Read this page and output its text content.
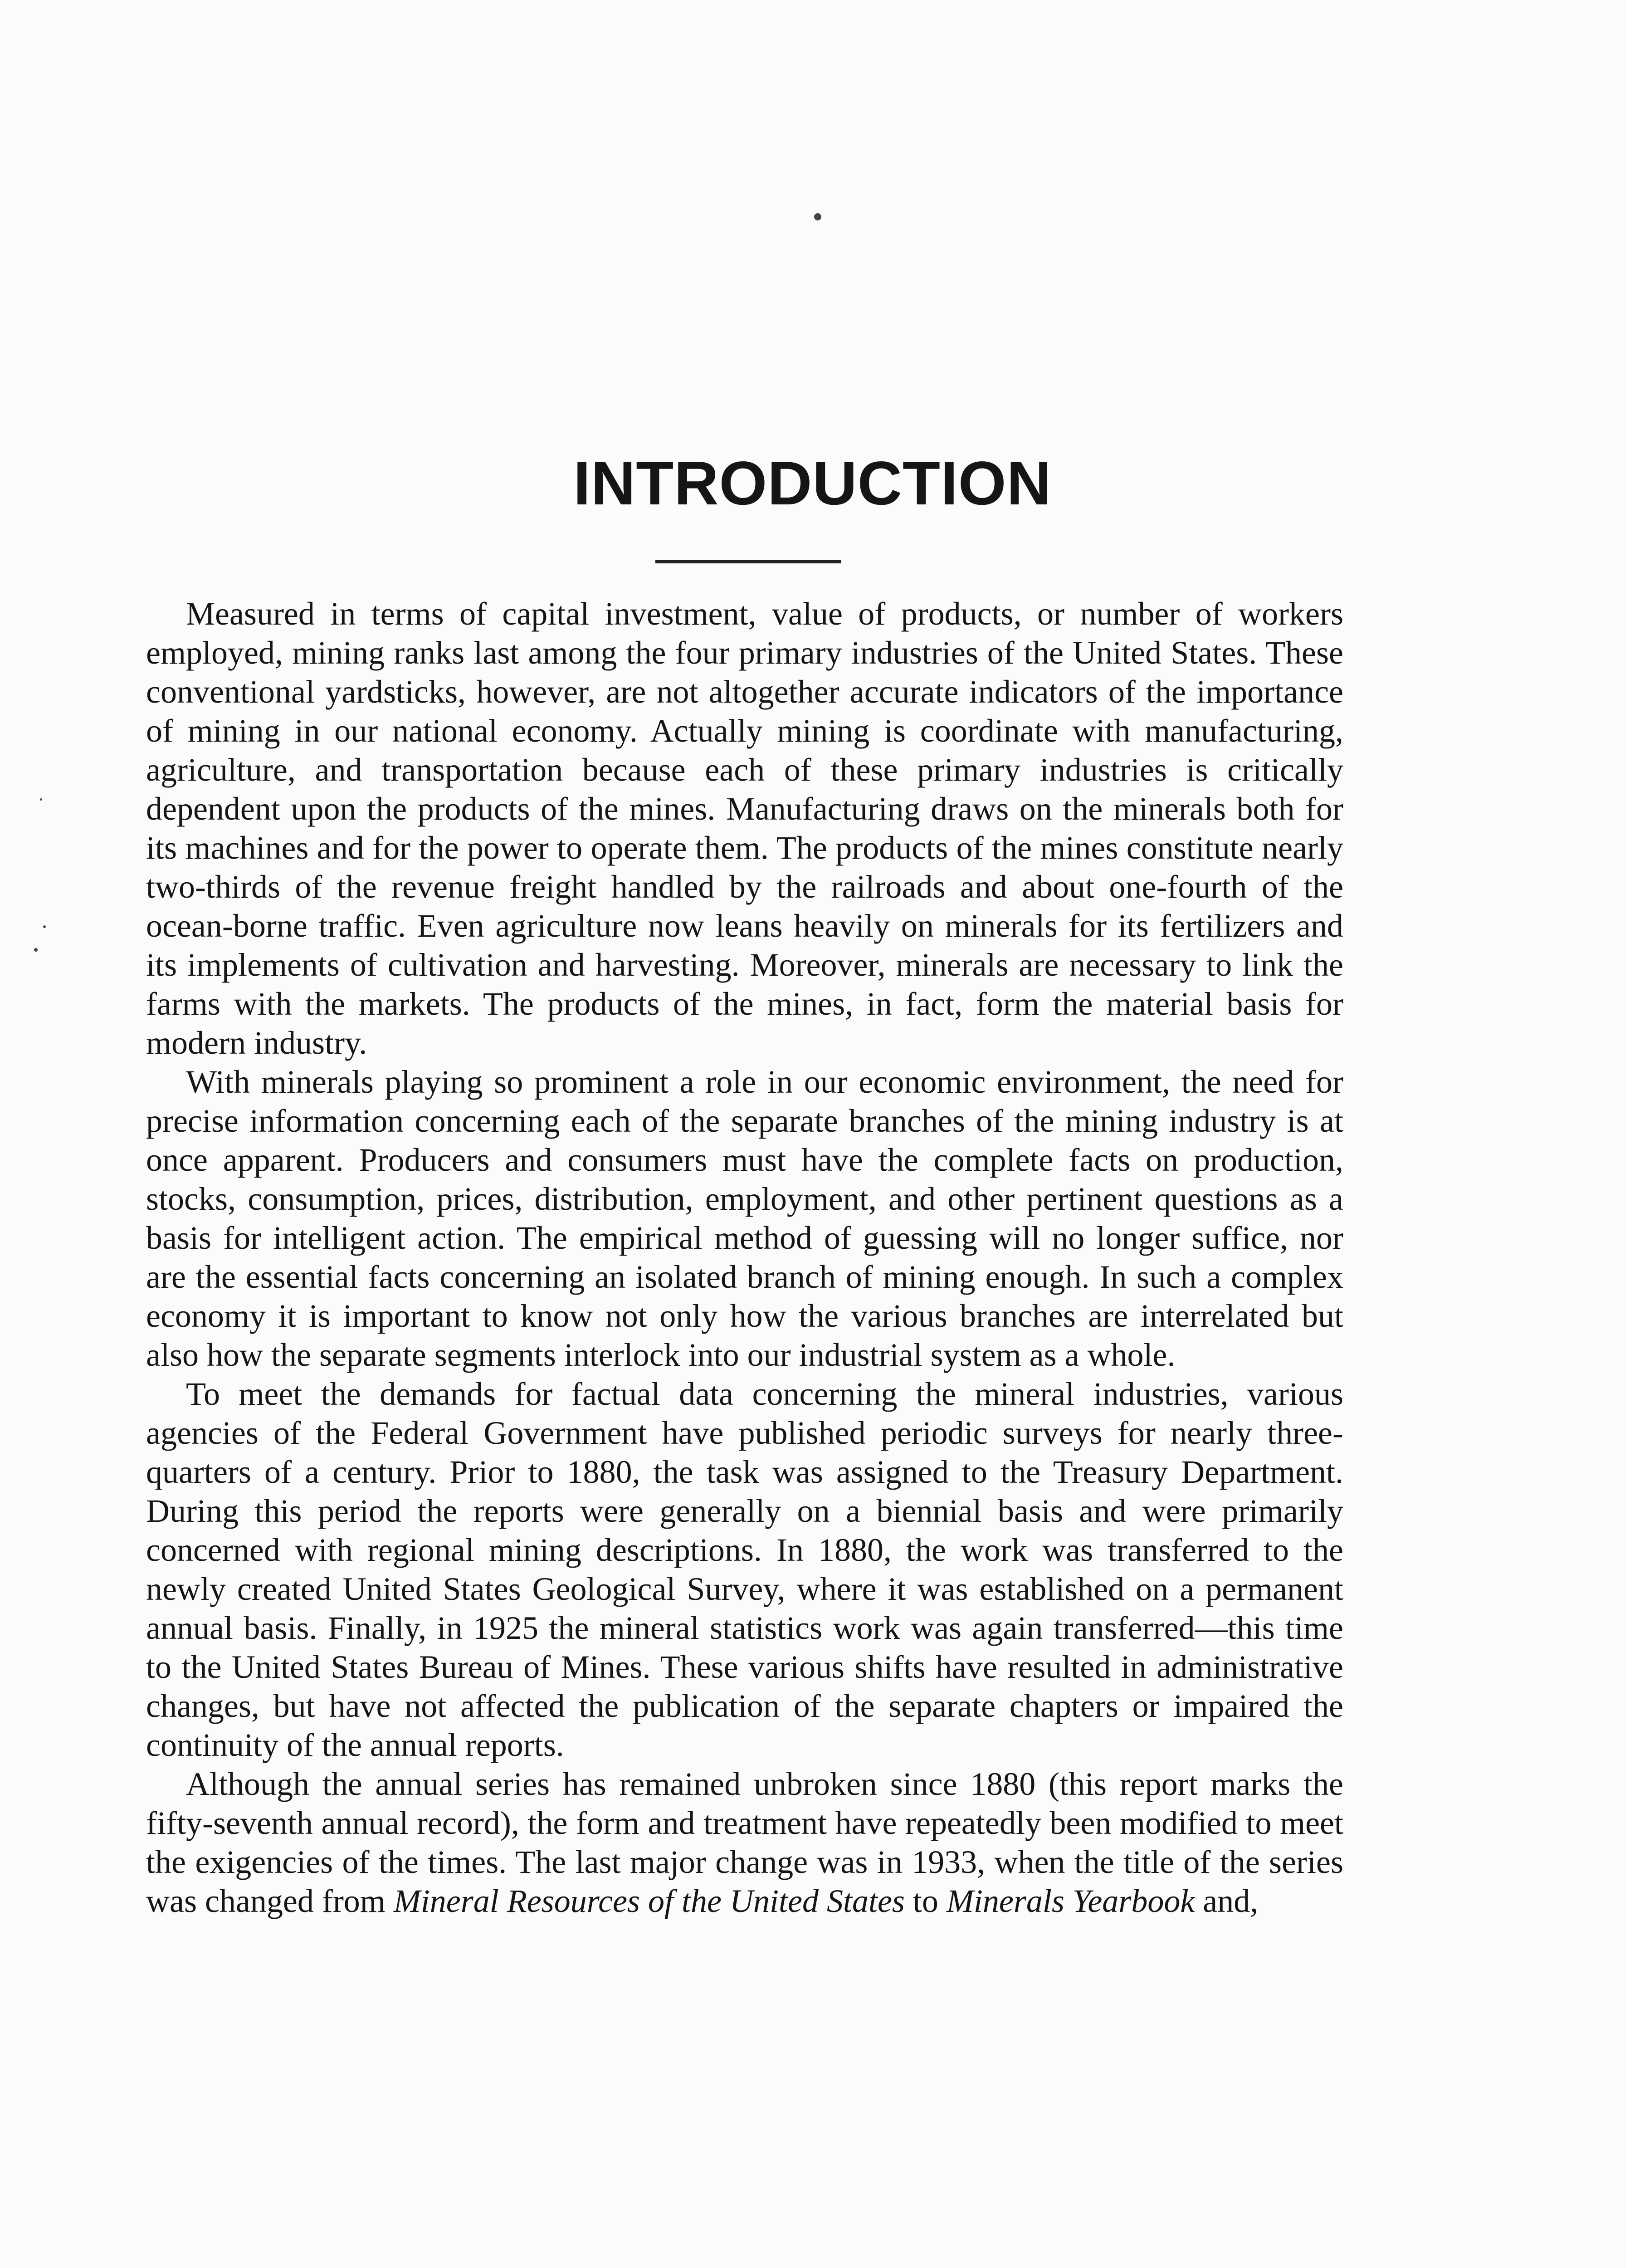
INTRODUCTION

Measured in terms of capital investment, value of products, or number of workers employed, mining ranks last among the four primary industries of the United States. These conventional yardsticks, however, are not altogether accurate indicators of the importance of mining in our national economy. Actually mining is coordinate with manufacturing, agriculture, and transportation because each of these primary industries is critically dependent upon the products of the mines. Manufacturing draws on the minerals both for its machines and for the power to operate them. The products of the mines constitute nearly two-thirds of the revenue freight handled by the railroads and about one-fourth of the ocean-borne traffic. Even agriculture now leans heavily on minerals for its fertilizers and its implements of cultivation and harvesting. Moreover, minerals are necessary to link the farms with the markets. The products of the mines, in fact, form the material basis for modern industry.

With minerals playing so prominent a role in our economic environment, the need for precise information concerning each of the separate branches of the mining industry is at once apparent. Producers and consumers must have the complete facts on production, stocks, consumption, prices, distribution, employment, and other pertinent questions as a basis for intelligent action. The empirical method of guessing will no longer suffice, nor are the essential facts concerning an isolated branch of mining enough. In such a complex economy it is important to know not only how the various branches are interrelated but also how the separate segments interlock into our industrial system as a whole.

To meet the demands for factual data concerning the mineral industries, various agencies of the Federal Government have published periodic surveys for nearly three-quarters of a century. Prior to 1880, the task was assigned to the Treasury Department. During this period the reports were generally on a biennial basis and were primarily concerned with regional mining descriptions. In 1880, the work was transferred to the newly created United States Geological Survey, where it was established on a permanent annual basis. Finally, in 1925 the mineral statistics work was again transferred—this time to the United States Bureau of Mines. These various shifts have resulted in administrative changes, but have not affected the publication of the separate chapters or impaired the continuity of the annual reports.

Although the annual series has remained unbroken since 1880 (this report marks the fifty-seventh annual record), the form and treatment have repeatedly been modified to meet the exigencies of the times. The last major change was in 1933, when the title of the series was changed from Mineral Resources of the United States to Minerals Yearbook and,
